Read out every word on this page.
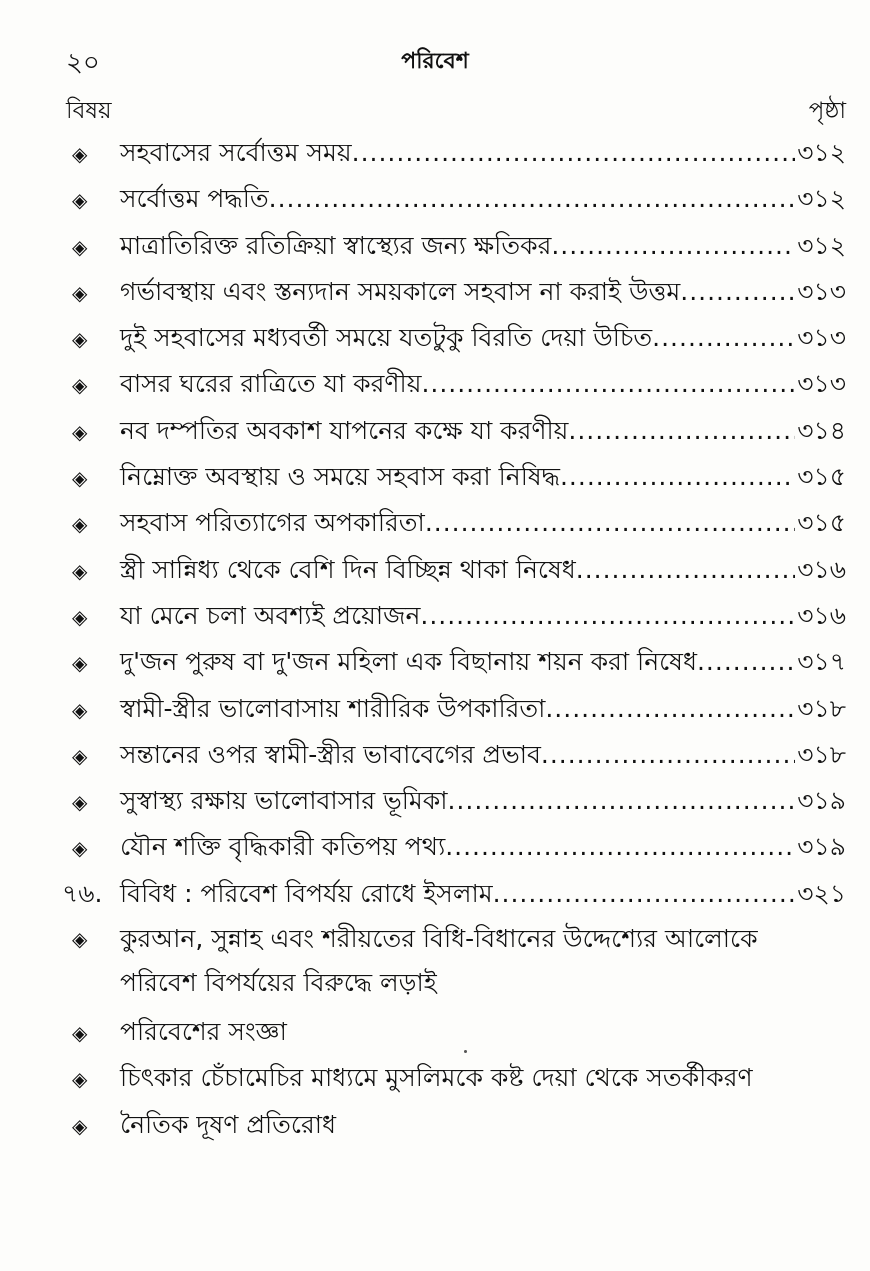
২০	পরিবেশ
বিষয়	পৃষ্ঠা
◈	সহবাসের সর্বোত্তম সময় .....	৩১২
◈	সর্বোত্তম পদ্ধতি .....	৩১২
◈	মাত্রাতিরিক্ত রতিক্রিয়া স্বাস্থ্যের জন্য ক্ষতিকর .....	৩১২
◈	গর্ভাবস্থায় এবং স্তন্যদান সময়কালে সহবাস না করাই উত্তম .....	৩১৩
◈	দুই সহবাসের মধ্যবর্তী সময়ে যতটুকু বিরতি দেয়া উচিত .....	৩১৩
◈	বাসর ঘরের রাত্রিতে যা করণীয় .....	৩১৩
◈	নব দম্পতির অবকাশ যাপনের কক্ষে যা করণীয় .....	৩১৪
◈	নিম্নোক্ত অবস্থায় ও সময়ে সহবাস করা নিষিদ্ধ .....	৩১৫
◈	সহবাস পরিত্যাগের অপকারিতা .....	৩১৫
◈	স্ত্রী সান্নিধ্য থেকে বেশি দিন বিচ্ছিন্ন থাকা নিষেধ .....	৩১৬
◈	যা মেনে চলা অবশ্যই প্রয়োজন .....	৩১৬
◈	দু'জন পুরুষ বা দু'জন মহিলা এক বিছানায় শয়ন করা নিষেধ .....	৩১৭
◈	স্বামী-স্ত্রীর ভালোবাসায় শারীরিক উপকারিতা .....	৩১৮
◈	সন্তানের ওপর স্বামী-স্ত্রীর ভাবাবেগের প্রভাব .....	৩১৮
◈	সুস্বাস্থ্য রক্ষায় ভালোবাসার ভূমিকা .....	৩১৯
◈	যৌন শক্তি বৃদ্ধিকারী কতিপয় পথ্য .....	৩১৯
৭৬. বিবিধ : পরিবেশ বিপর্যয় রোধে ইসলাম .....	৩২১
◈	কুরআন, সুন্নাহ এবং শরীয়তের বিধি-বিধানের উদ্দেশ্যের আলোকে পরিবেশ বিপর্যয়ের বিরুদ্ধে লড়াই
◈	পরিবেশের সংজ্ঞা
◈	চিৎকার চেঁচামেচির মাধ্যমে মুসলিমকে কষ্ট দেয়া থেকে সতর্কীকরণ
◈	নৈতিক দূষণ প্রতিরোধ
